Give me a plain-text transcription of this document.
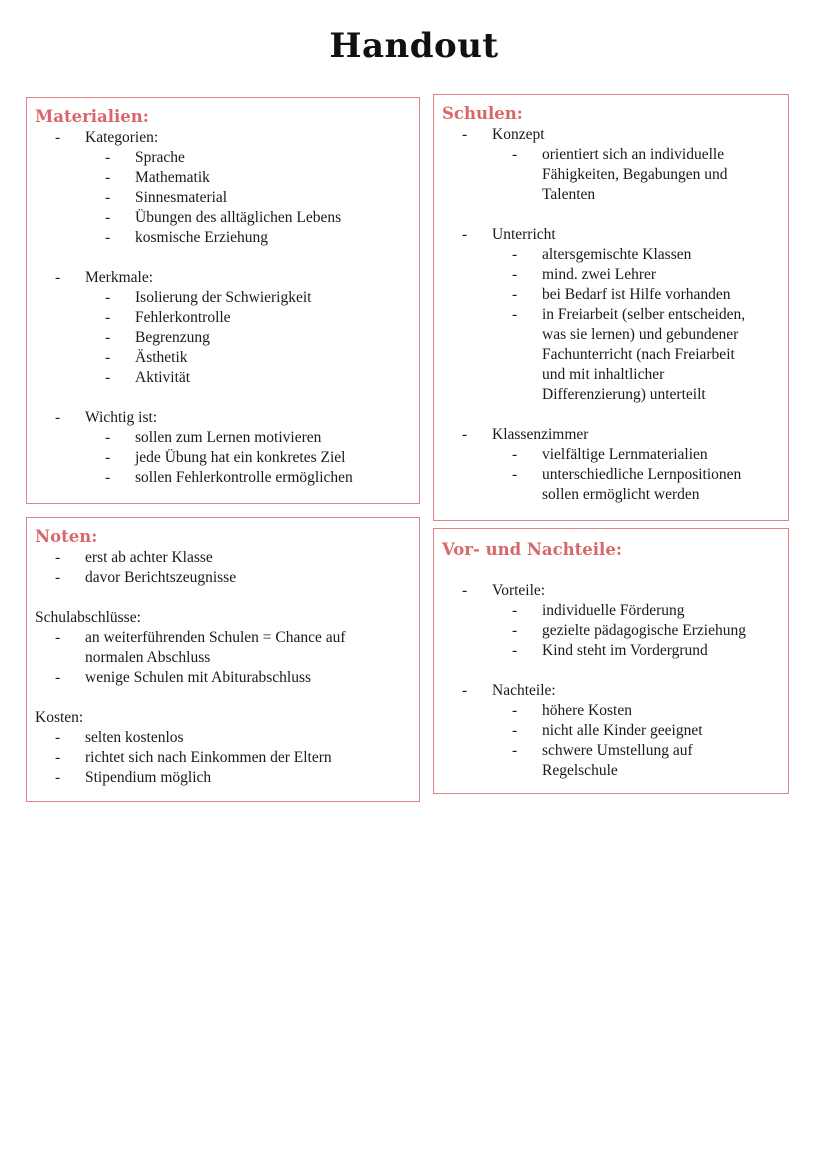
Handout
Materialien:
- Kategorien:
- Sprache
- Mathematik
- Sinnesmaterial
- Übungen des alltäglichen Lebens
- kosmische Erziehung
- Merkmale:
- Isolierung der Schwierigkeit
- Fehlerkontrolle
- Begrenzung
- Ästhetik
- Aktivität
- Wichtig ist:
- sollen zum Lernen motivieren
- jede Übung hat ein konkretes Ziel
- sollen Fehlerkontrolle ermöglichen
Schulen:
- Konzept
- orientiert sich an individuelle
Fähigkeiten, Begabungen und
Talenten
- Unterricht
- altersgemischte Klassen
- mind. zwei Lehrer
- bei Bedarf ist Hilfe vorhanden
- in Freiarbeit (selber entscheiden,
was sie lernen) und gebundener
Fachunterricht (nach Freiarbeit
und mit inhaltlicher
Differenzierung) unterteilt
- Klassenzimmer
- vielfältige Lernmaterialien
- unterschiedliche Lernpositionen
sollen ermöglicht werden
Noten:
- erst ab achter Klasse
- davor Berichtszeugnisse
Schulabschlüsse:
- an weiterführenden Schulen = Chance auf
normalen Abschluss
- wenige Schulen mit Abiturabschluss
Kosten:
- selten kostenlos
- richtet sich nach Einkommen der Eltern
- Stipendium möglich
Vor- und Nachteile:
- Vorteile:
- individuelle Förderung
- gezielte pädagogische Erziehung
- Kind steht im Vordergrund
- Nachteile:
- höhere Kosten
- nicht alle Kinder geeignet
- schwere Umstellung auf
Regelschule
